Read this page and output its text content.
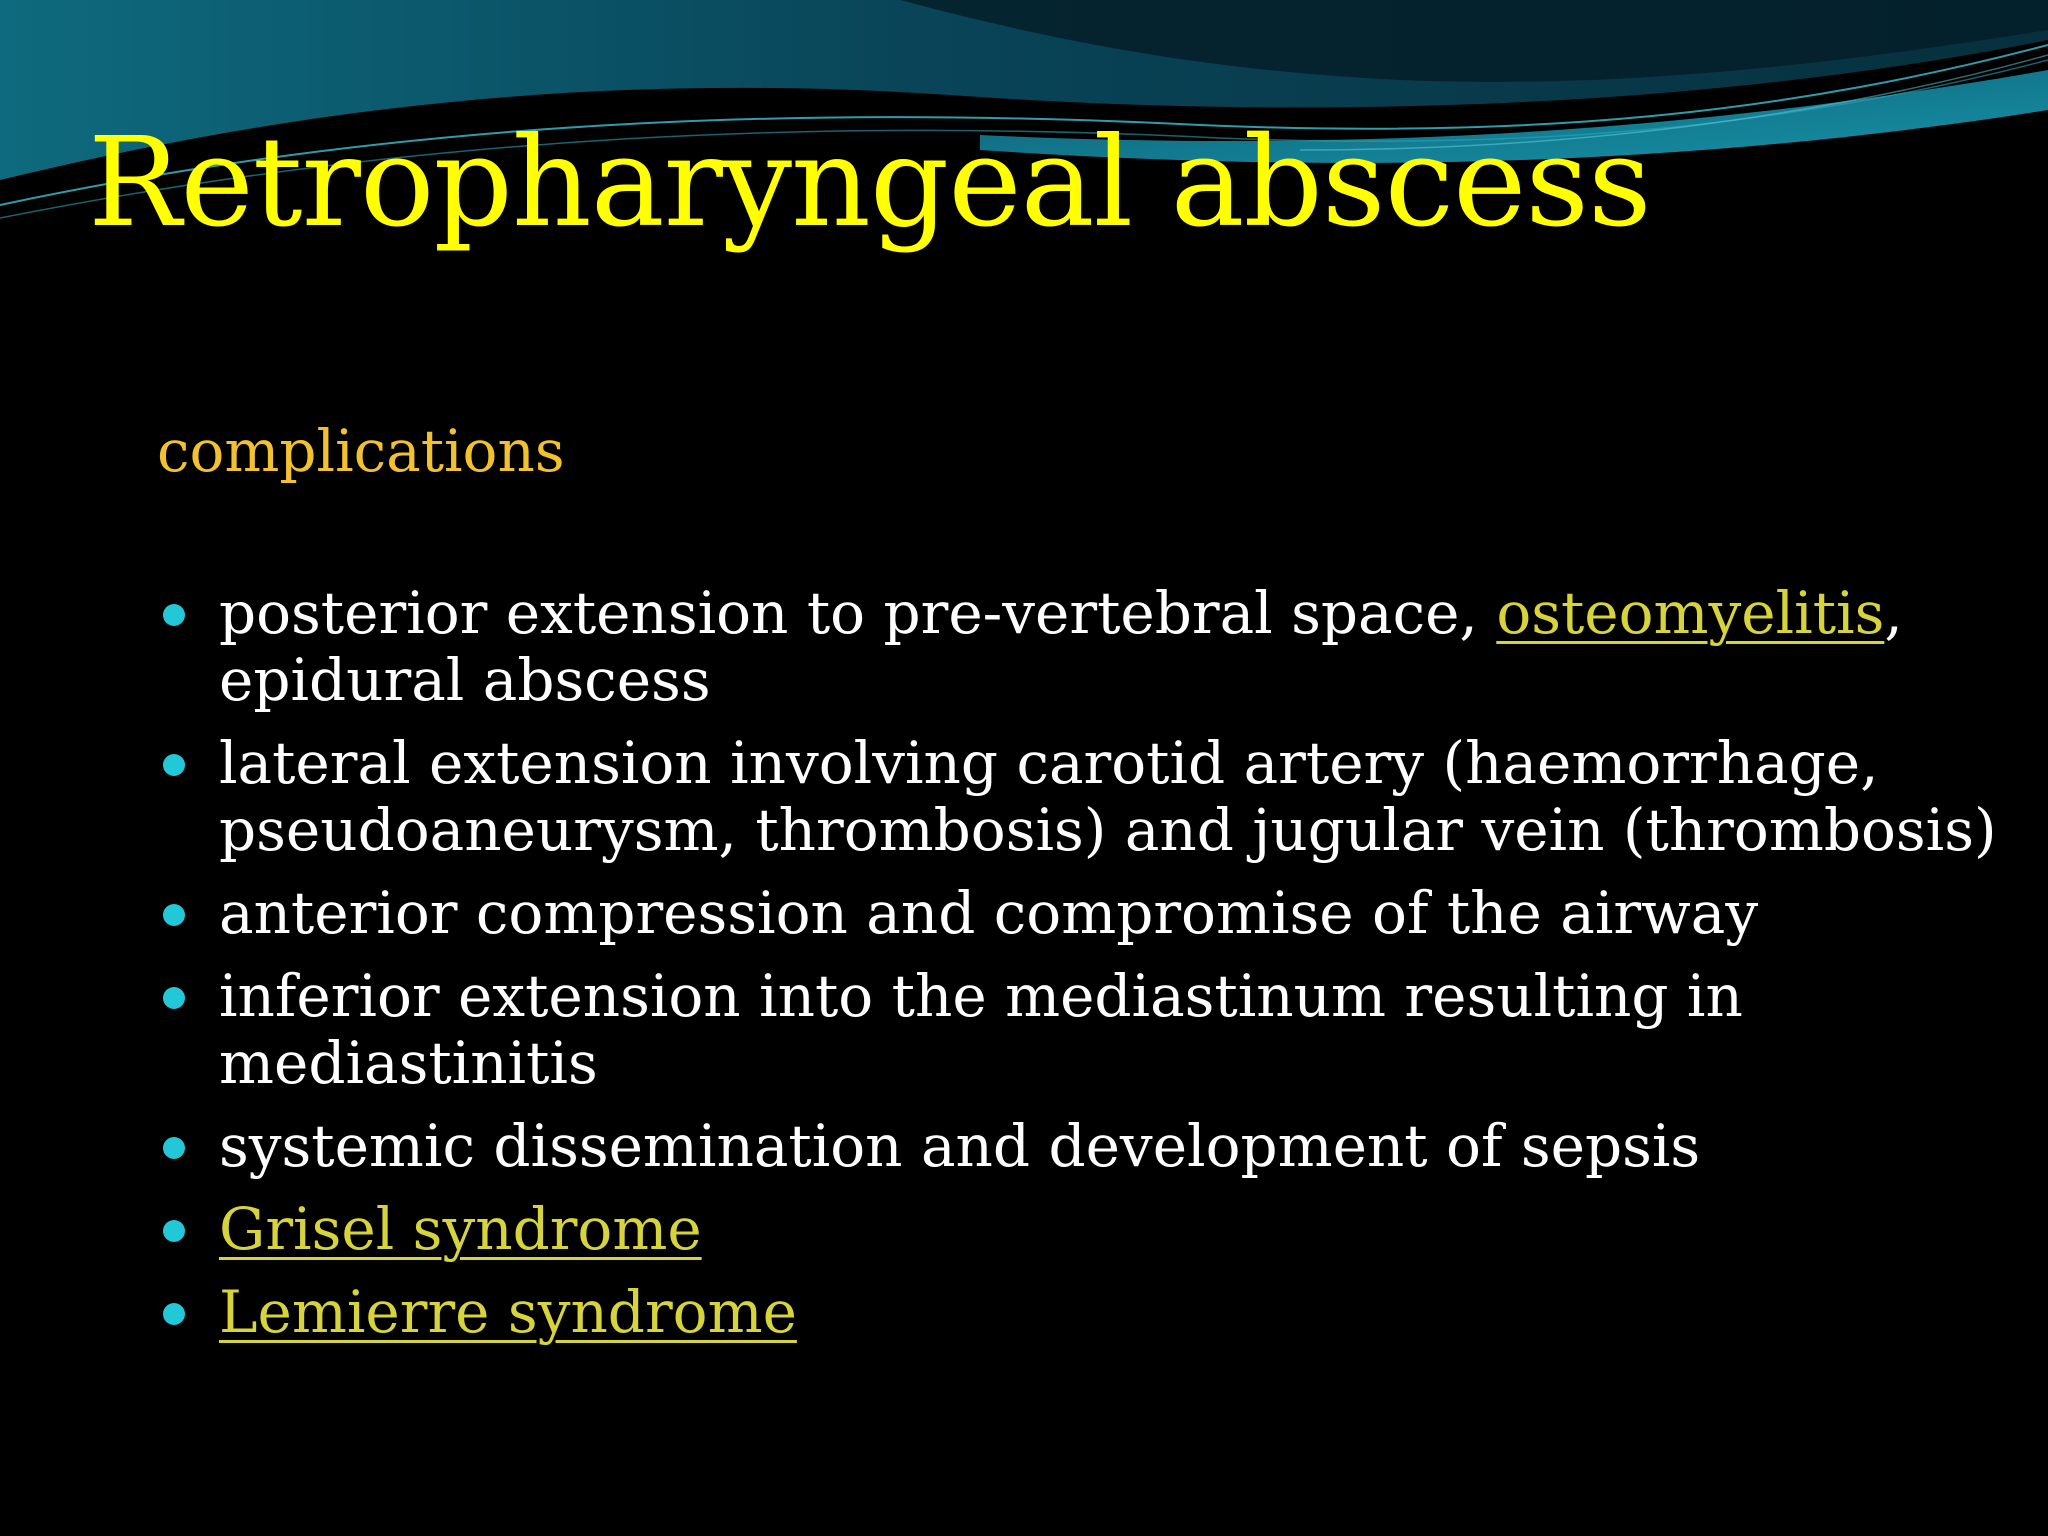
Retropharyngeal abscess
complications
posterior extension to pre-vertebral space, osteomyelitis, epidural abscess
lateral extension involving carotid artery (haemorrhage, pseudoaneurysm, thrombosis) and jugular vein (thrombosis)
anterior compression and compromise of the airway
inferior extension into the mediastinum resulting in mediastinitis
systemic dissemination and development of sepsis
Grisel syndrome
Lemierre syndrome
